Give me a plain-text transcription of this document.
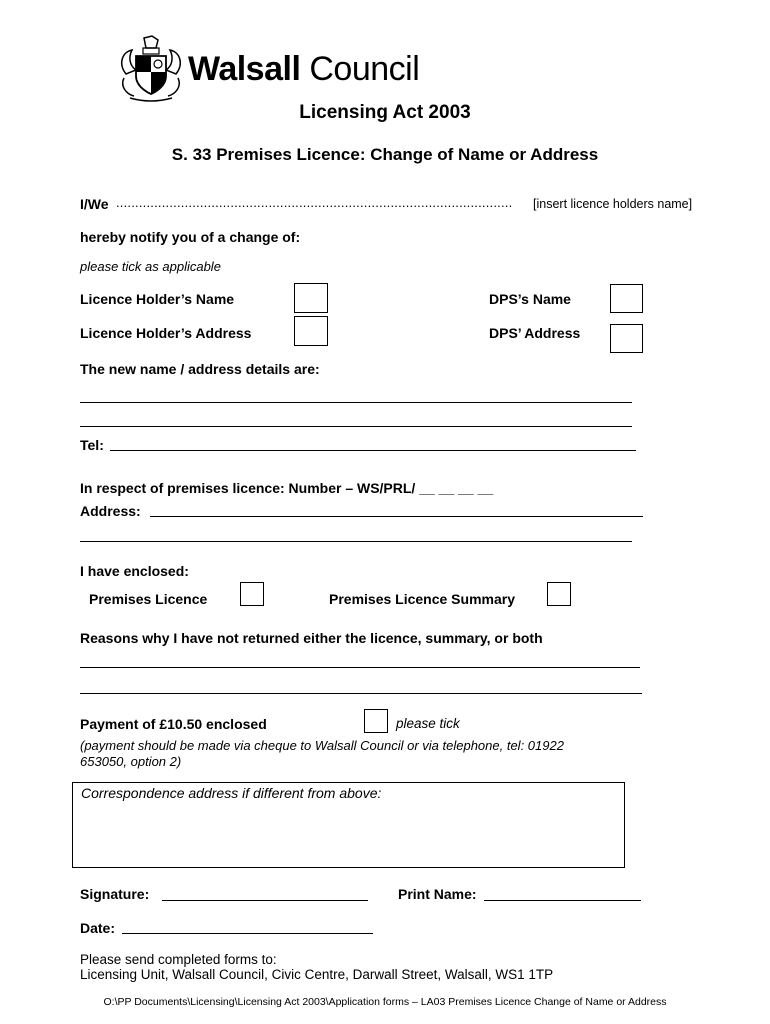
Walsall Council
Licensing Act 2003
S. 33 Premises Licence: Change of Name or Address
I/We ........................................................................................................	[insert licence holders name]
hereby notify you of a change of:
please tick as applicable
Licence Holder’s Name	DPS’s Name
Licence Holder’s Address	DPS’ Address
The new name / address details are:
Tel:
In respect of premises licence: Number – WS/PRL/ __ __ __ __
Address:
I have enclosed:
Premises Licence	Premises Licence Summary
Reasons why I have not returned either the licence, summary, or both
Payment of £10.50 enclosed	please tick
(payment should be made via cheque to Walsall Council or via telephone, tel: 01922
653050, option 2)
Correspondence address if different from above:
Signature:	Print Name:
Date:
Please send completed forms to:
Licensing Unit, Walsall Council, Civic Centre, Darwall Street, Walsall, WS1 1TP
O:\PP Documents\Licensing\Licensing Act 2003\Application forms – LA03 Premises Licence Change of Name or Address
